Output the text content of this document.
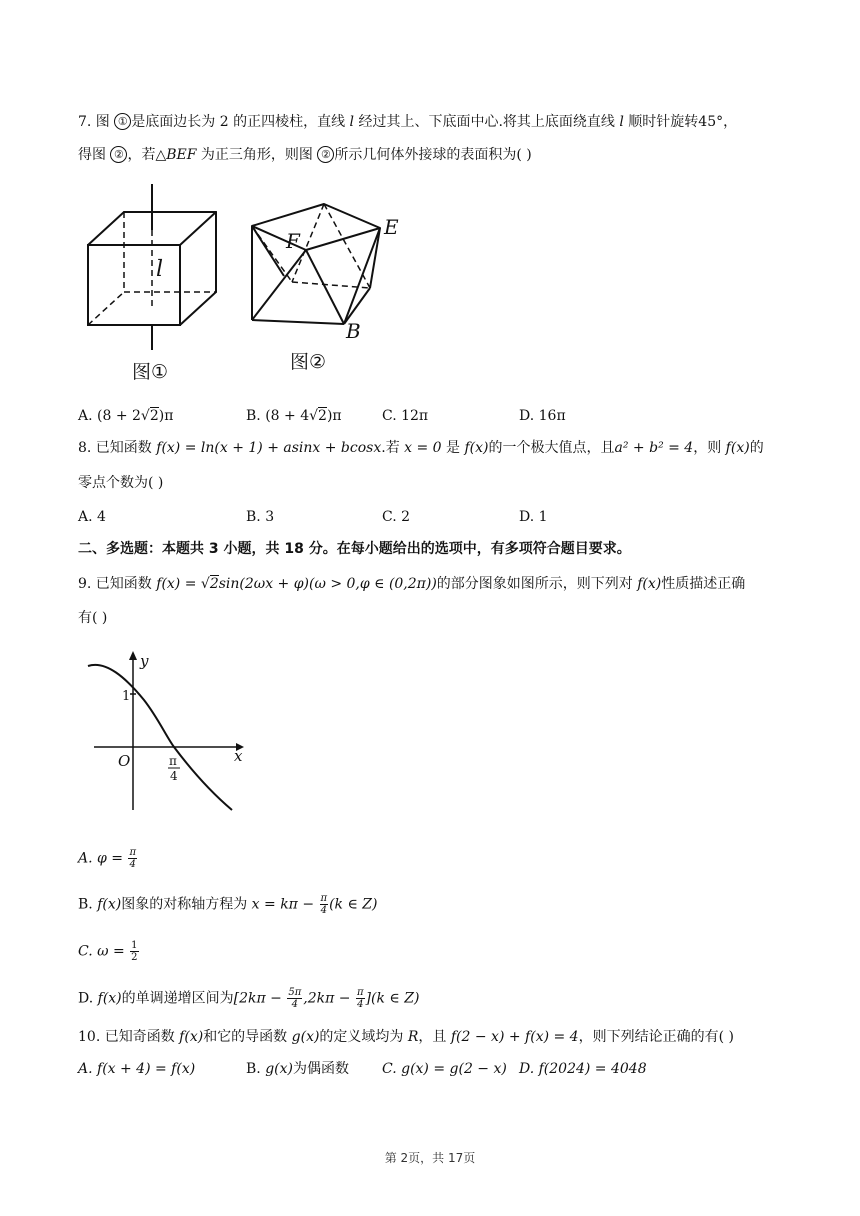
7. 图 ① 是底面边长为 2 的正四棱柱，直线 l 经过其上、下底面中心.将其上底面绕直线 l 顺时针旋转45°，
得图 ② ，若△BEF 为正三角形，则图 ② 所示几何体外接球的表面积为( )
l
图①
F
E
B
图②
A. (8 + 2√2)π	B. (8 + 4√2)π	C. 12π	D. 16π
8. 已知函数 f(x) = ln(x + 1) + asinx + bcosx.若 x = 0 是 f(x)的一个极大值点，且a² + b² = 4，则 f(x)的
零点个数为( )
A. 4	B. 3	C. 2	D. 1
二、多选题：本题共 3 小题，共 18 分。在每小题给出的选项中，有多项符合题目要求。
9. 已知函数 f(x) = √2sin(2ωx + φ)(ω > 0,φ ∈ (0,2π))的部分图象如图所示，则下列对 f(x)性质描述正确
有( )
y
x
O
1
π
4
A. $\varphi = \frac{\pi}{4}$
B. f(x)图象的对称轴方程为 $x = k\pi - \frac{\pi}{4} (k$ ∈ Z)
C. $\omega = \frac{1}{2}$
D. f(x)的单调递增区间为$[2k\pi - \frac{5\pi}{4} ,2k\pi - \frac{\pi}{4} ](k$ ∈ Z)
10. 已知奇函数 f(x)和它的导函数 g(x)的定义域均为 R，且 f(2 − x) + f(x) = 4，则下列结论正确的有( )
A. f(x + 4) = f(x)	B. g(x)为偶函数 C. g(x) = g(2 − x) D. f(2024) = 4048
第 2页，共 17页
